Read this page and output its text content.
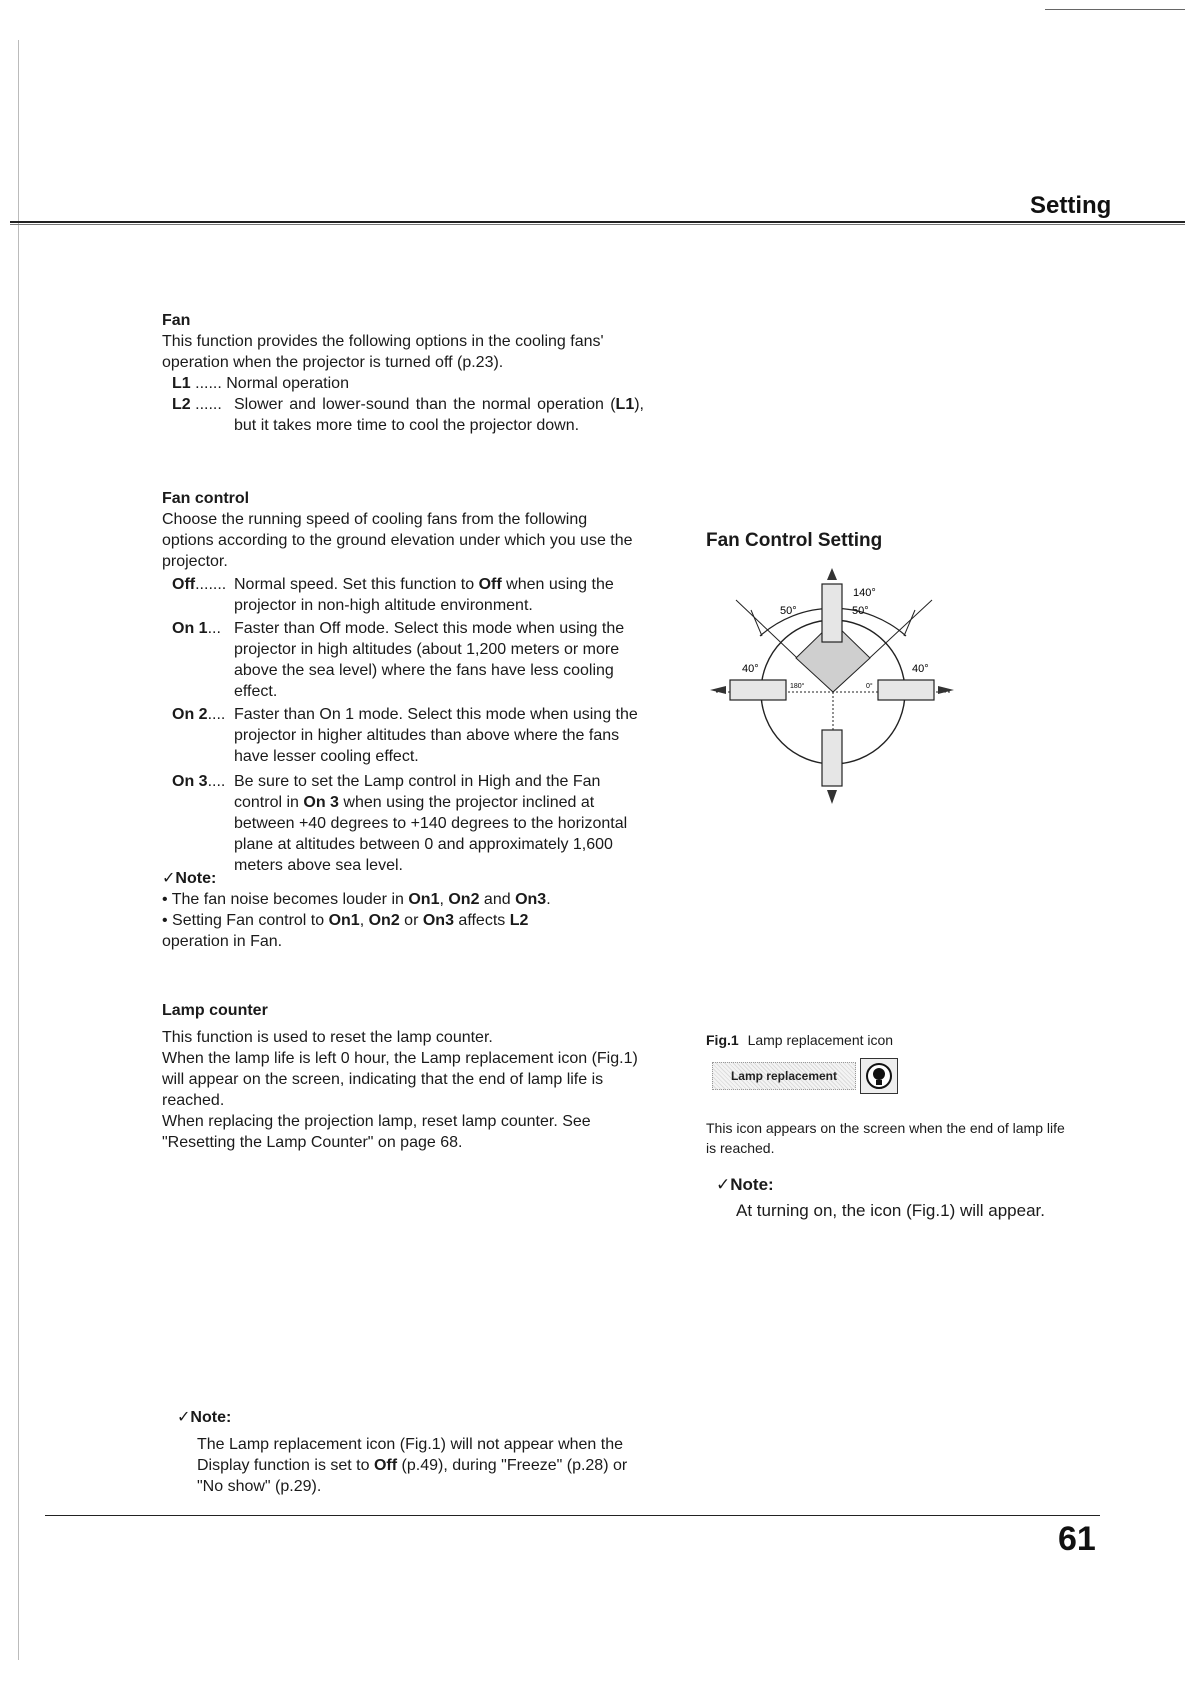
Setting

Fan

This function provides the following options in the cooling fans' operation when the projector is turned off (p.23).

L1 ...... Normal operation
L2 ...... Slower and lower-sound than the normal operation (L1), but it takes more time to cool the projector down.

Fan control

Choose the running speed of cooling fans from the following options according to the ground elevation under which you use the projector.

Off....... Normal speed. Set this function to Off when using the projector in non-high altitude environment.
On 1... Faster than Off mode. Select this mode when using the projector in high altitudes (about 1,200 meters or more above the sea level) where the fans have less cooling effect.
On 2.... Faster than On 1 mode. Select this mode when using the projector in higher altitudes than above where the fans have lesser cooling effect.
On 3.... Be sure to set the Lamp control in High and the Fan control in On 3 when using the projector inclined at between +40 degrees to +140 degrees to the horizontal plane at altitudes between 0 and approximately 1,600 meters above sea level.

✓Note:

• The fan noise becomes louder in On1, On2 and On3.

• Setting Fan control to On1, On2 or On3 affects L2 operation in Fan.

Lamp counter

This function is used to reset the lamp counter.

When the lamp life is left 0 hour, the Lamp replacement icon (Fig.1) will appear on the screen, indicating that the end of lamp life is reached.

When replacing the projection lamp, reset lamp counter. See "Resetting the Lamp Counter" on page 68.

✓Note:

The Lamp replacement icon (Fig.1) will not appear when the Display function is set to Off (p.49), during "Freeze" (p.28) or "No show" (p.29).

Fan Control Setting
140°
50°	50°
40°	40°
180°	0°
Fig.1 Lamp replacement icon
Lamp replacement
This icon appears on the screen when the end of lamp life is reached.

✓Note:

At turning on, the icon (Fig.1) will appear.

61
